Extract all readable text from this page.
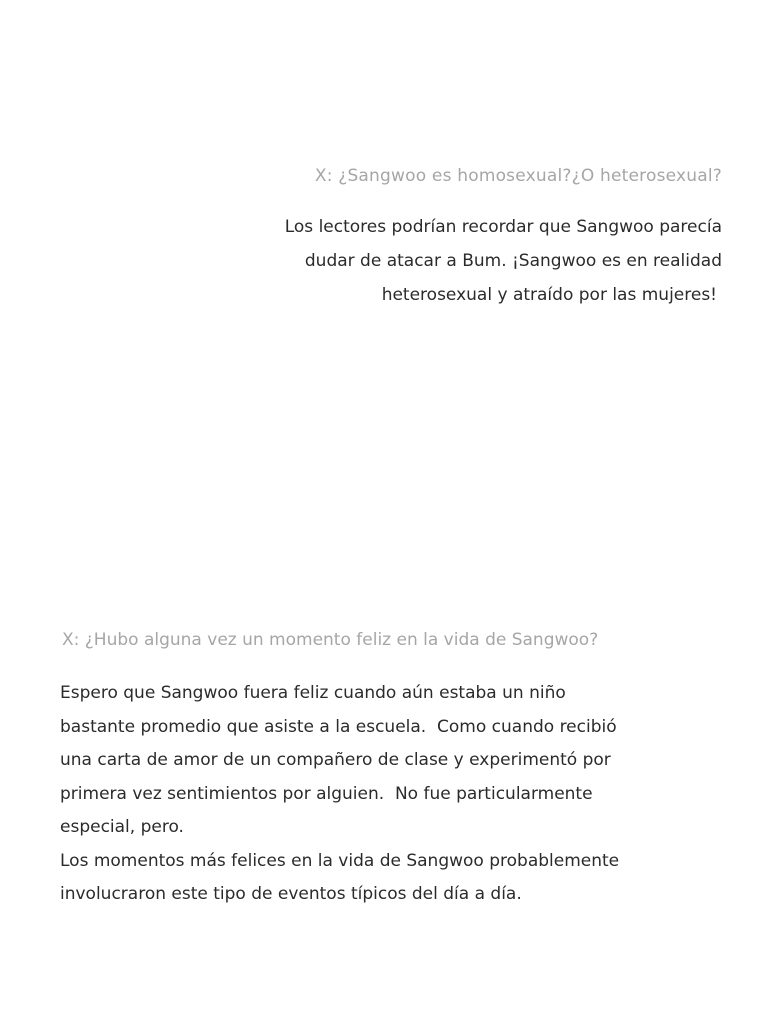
X: ¿Sangwoo es homosexual?¿O heterosexual?
Los lectores podrían recordar que Sangwoo parecía
dudar de atacar a Bum. ¡Sangwoo es en realidad
heterosexual y atraído por las mujeres!
X: ¿Hubo alguna vez un momento feliz en la vida de Sangwoo?
Espero que Sangwoo fuera feliz cuando aún estaba un niño
bastante promedio que asiste a la escuela.  Como cuando recibió
una carta de amor de un compañero de clase y experimentó por
primera vez sentimientos por alguien.  No fue particularmente
especial, pero.
Los momentos más felices en la vida de Sangwoo probablemente
involucraron este tipo de eventos típicos del día a día.
